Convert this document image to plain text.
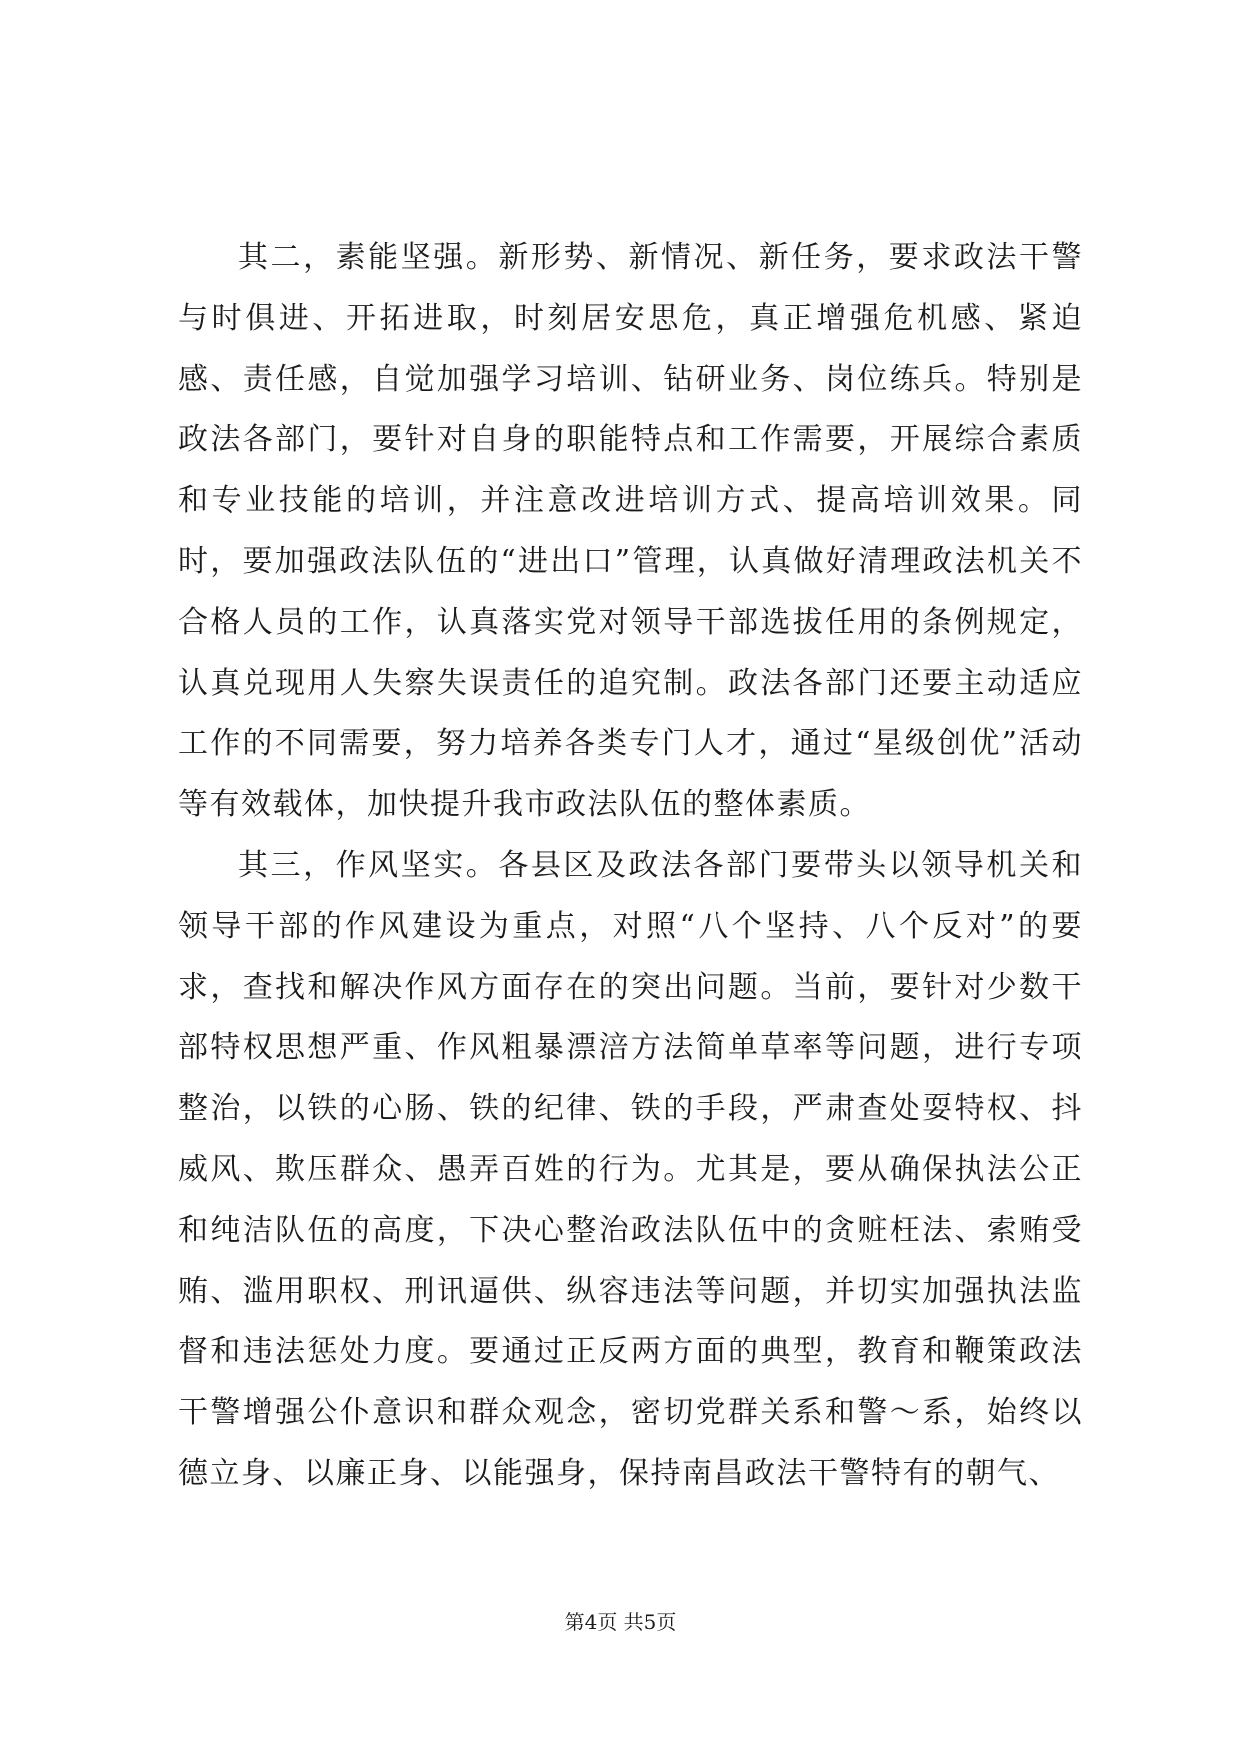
其二，素能坚强。新形势、新情况、新任务，要求政法干警与时俱进、开拓进取，时刻居安思危，真正增强危机感、紧迫感、责任感，自觉加强学习培训、钻研业务、岗位练兵。特别是政法各部门，要针对自身的职能特点和工作需要，开展综合素质和专业技能的培训，并注意改进培训方式、提高培训效果。同时，要加强政法队伍的“进出口”管理，认真做好清理政法机关不合格人员的工作，认真落实党对领导干部选拔任用的条例规定，认真兑现用人失察失误责任的追究制。政法各部门还要主动适应工作的不同需要，努力培养各类专门人才，通过“星级创优”活动等有效载体，加快提升我市政法队伍的整体素质。

其三，作风坚实。各县区及政法各部门要带头以领导机关和领导干部的作风建设为重点，对照“八个坚持、八个反对”的要求，查找和解决作风方面存在的突出问题。当前，要针对少数干部特权思想严重、作风粗暴漂涪方法简单草率等问题，进行专项整治，以铁的心肠、铁的纪律、铁的手段，严肃查处耍特权、抖威风、欺压群众、愚弄百姓的行为。尤其是，要从确保执法公正和纯洁队伍的高度，下决心整治政法队伍中的贪赃枉法、索贿受贿、滥用职权、刑讯逼供、纵容违法等问题，并切实加强执法监督和违法惩处力度。要通过正反两方面的典型，教育和鞭策政法干警增强公仆意识和群众观念，密切党群关系和警～系，始终以德立身、以廉正身、以能强身，保持南昌政法干警特有的朝气、

第4页 共5页
